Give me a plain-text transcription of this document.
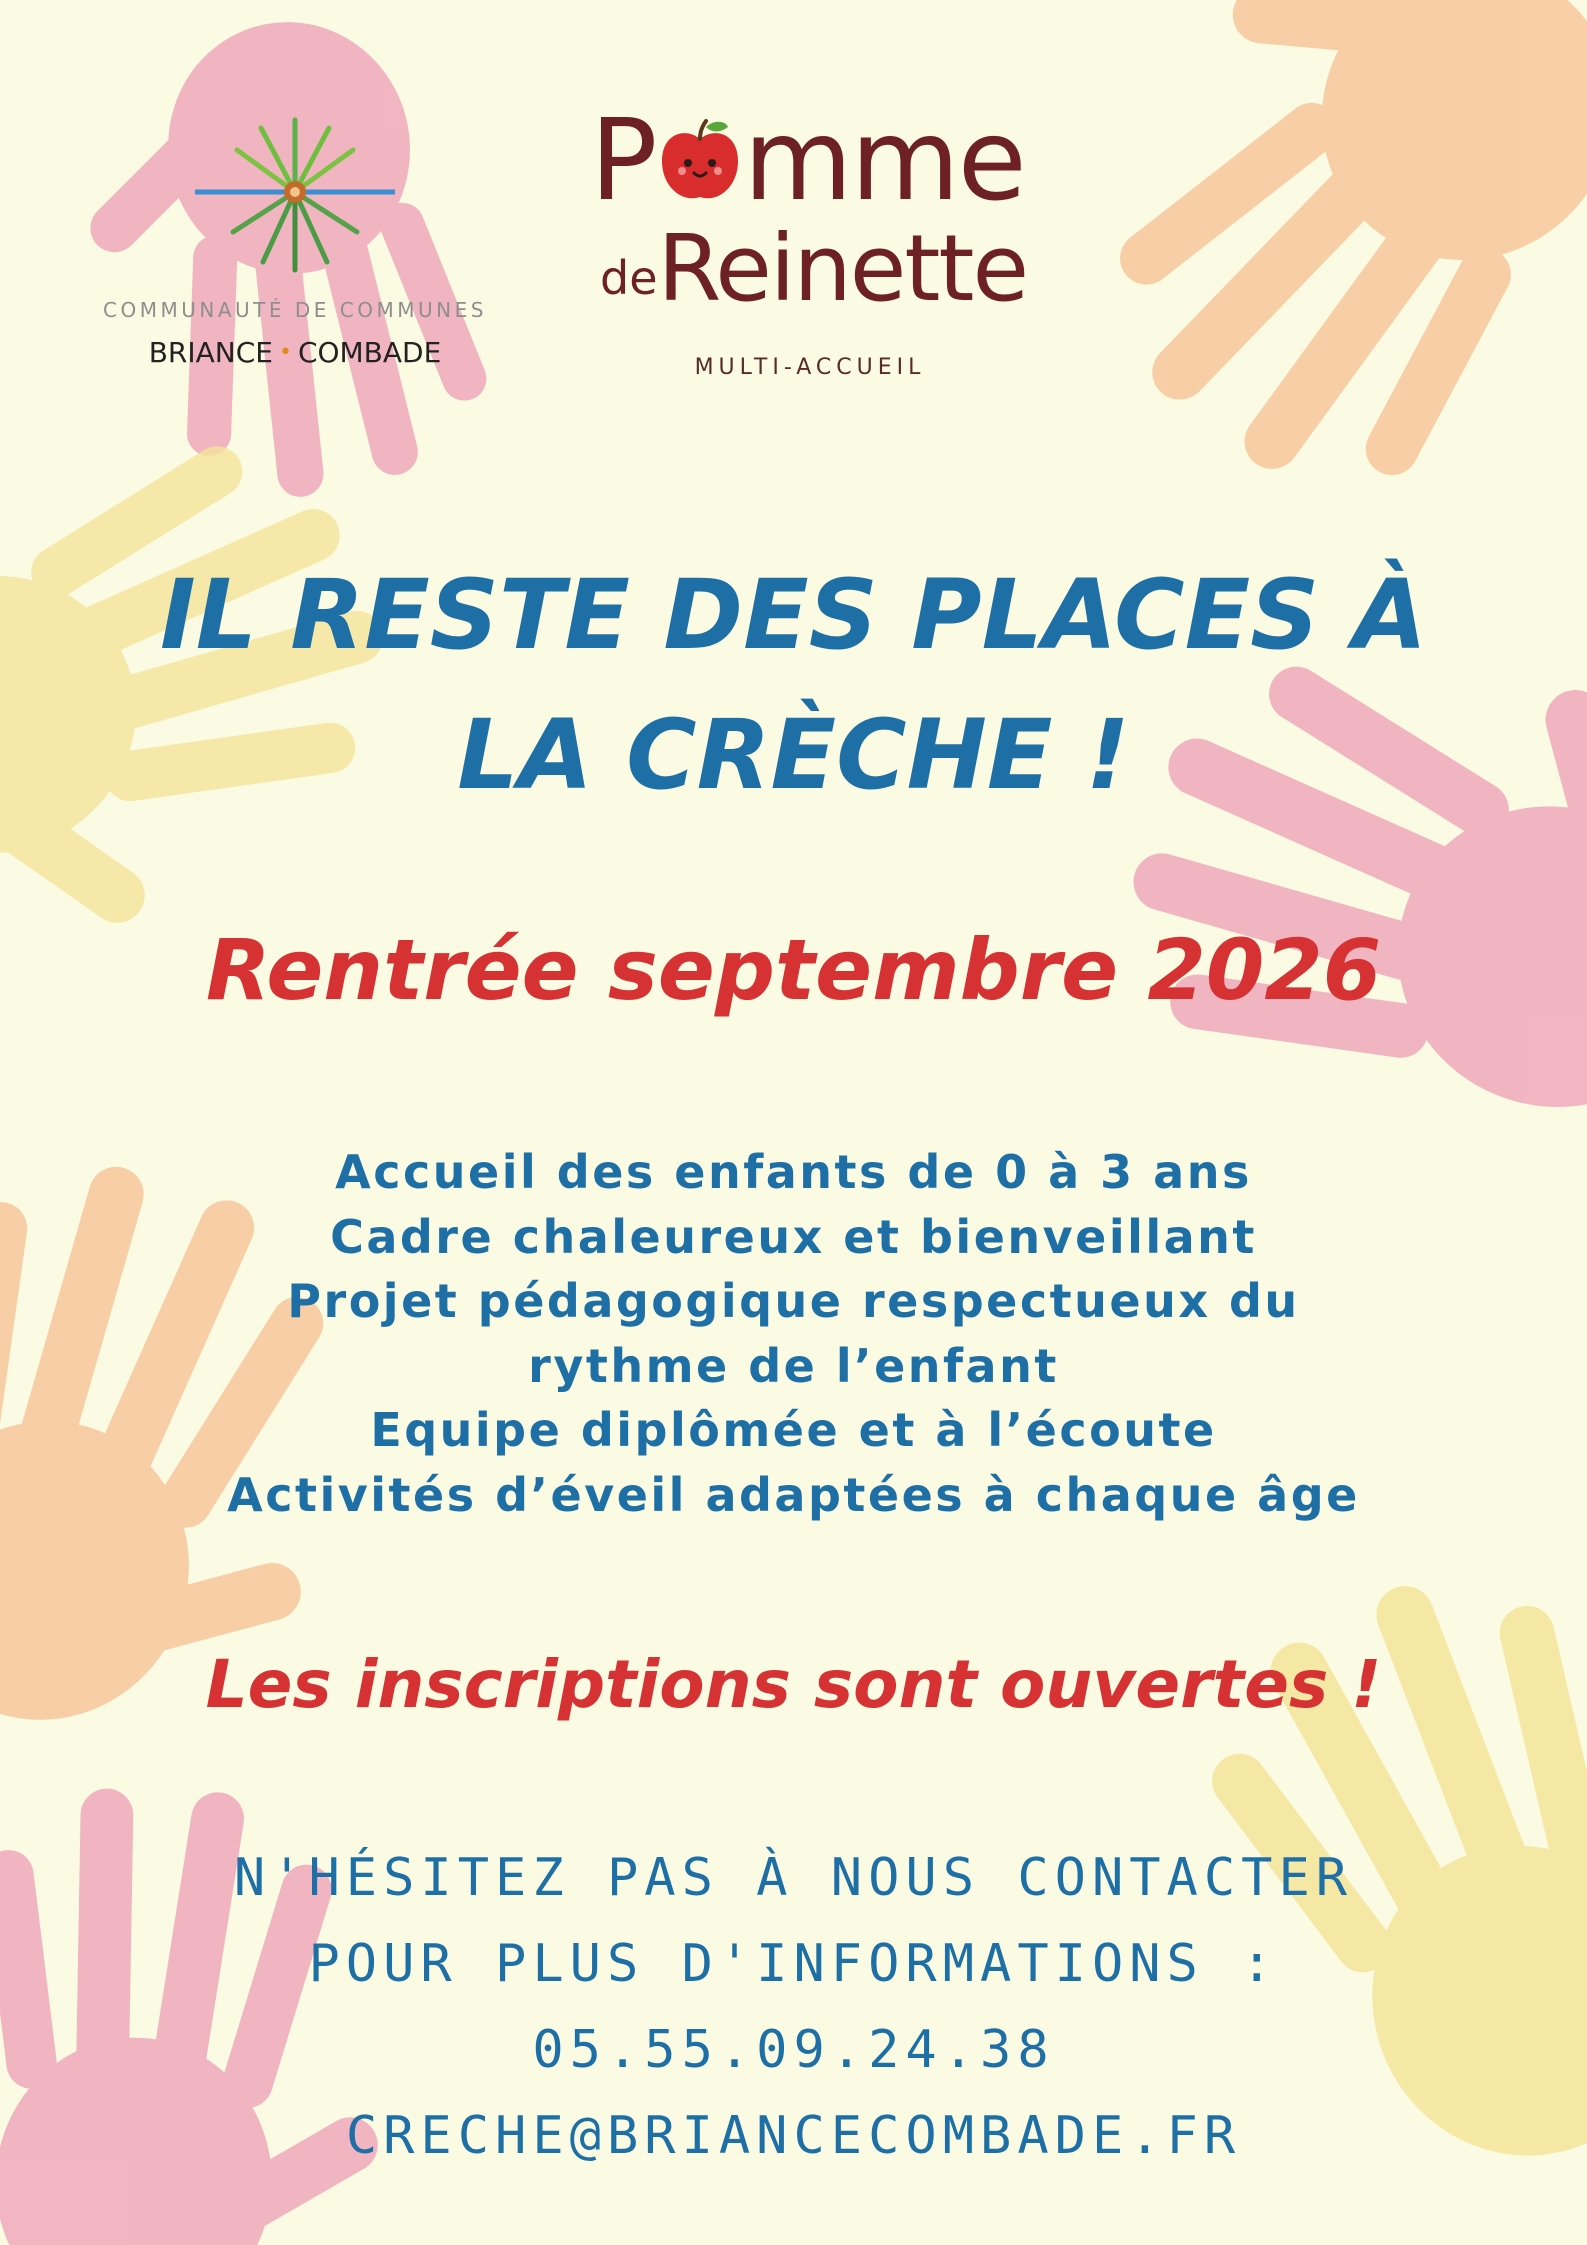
COMMUNAUTÉ DE COMMUNES
BRIANCE • COMBADE
P mme
deReinette
MULTI-ACCUEIL
IL RESTE DES PLACES À
LA CRÈCHE !
Rentrée septembre 2026
Accueil des enfants de 0 à 3 ans
Cadre chaleureux et bienveillant
Projet pédagogique respectueux du
rythme de l’enfant
Equipe diplômée et à l’écoute
Activités d’éveil adaptées à chaque âge
Les inscriptions sont ouvertes !
N'HÉSITEZ PAS À NOUS CONTACTER
POUR PLUS D'INFORMATIONS :
05.55.09.24.38
CRECHE@BRIANCECOMBADE.FR
